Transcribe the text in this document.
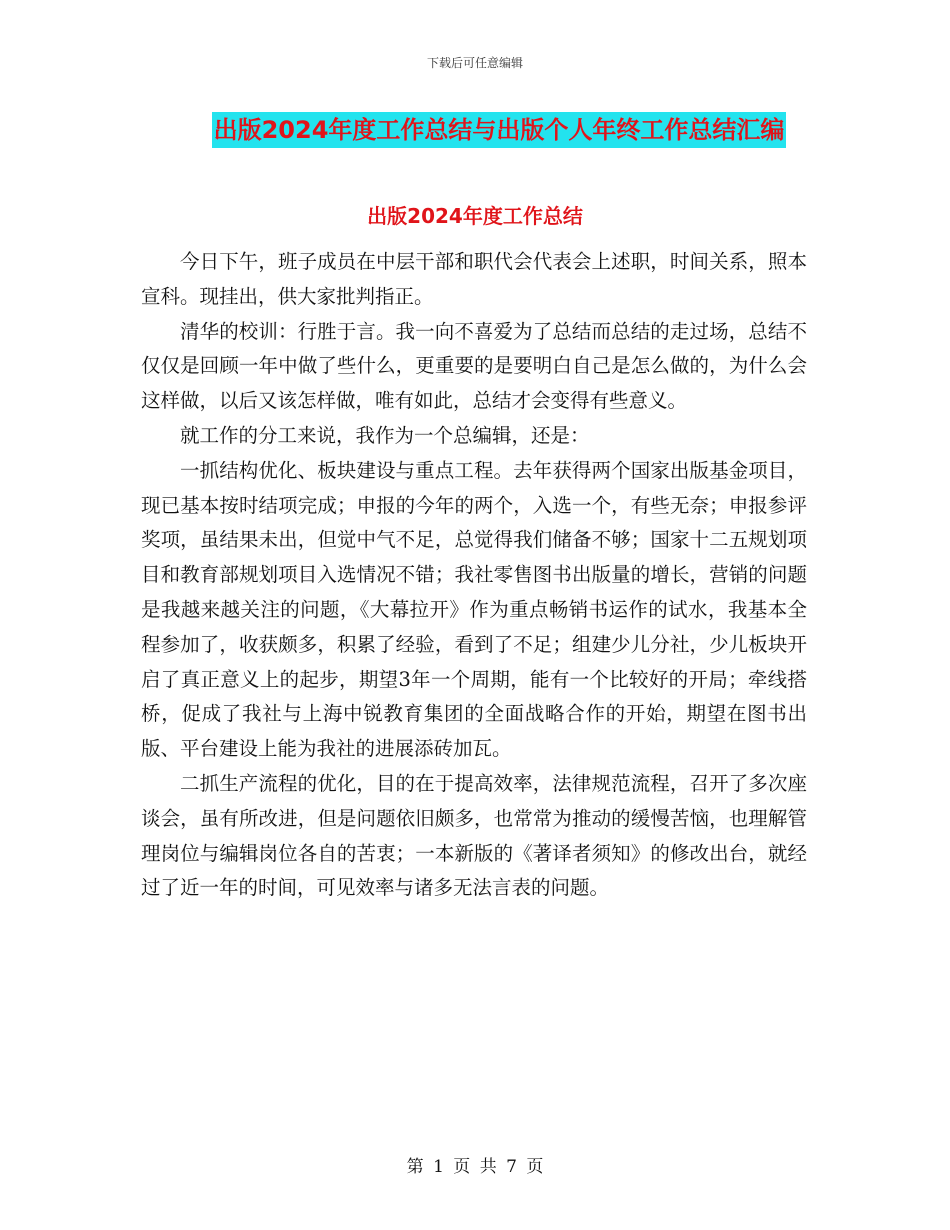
下载后可任意编辑
出版2024年度工作总结与出版个人年终工作总结汇编
出版2024年度工作总结

今日下午，班子成员在中层干部和职代会代表会上述职，时间关系，照本宣科。现挂出，供大家批判指正。

清华的校训：行胜于言。我一向不喜爱为了总结而总结的走过场，总结不仅仅是回顾一年中做了些什么，更重要的是要明白自己是怎么做的，为什么会这样做，以后又该怎样做，唯有如此，总结才会变得有些意义。

就工作的分工来说，我作为一个总编辑，还是：

一抓结构优化、板块建设与重点工程。去年获得两个国家出版基金项目，现已基本按时结项完成；申报的今年的两个，入选一个，有些无奈；申报参评奖项，虽结果未出，但觉中气不足，总觉得我们储备不够；国家十二五规划项目和教育部规划项目入选情况不错；我社零售图书出版量的增长，营销的问题是我越来越关注的问题，《大幕拉开》作为重点畅销书运作的试水，我基本全程参加了，收获颇多，积累了经验，看到了不足；组建少儿分社，少儿板块开启了真正意义上的起步，期望3年一个周期，能有一个比较好的开局；牵线搭桥，促成了我社与上海中锐教育集团的全面战略合作的开始，期望在图书出版、平台建设上能为我社的进展添砖加瓦。

二抓生产流程的优化，目的在于提高效率，法律规范流程，召开了多次座谈会，虽有所改进，但是问题依旧颇多，也常常为推动的缓慢苦恼，也理解管理岗位与编辑岗位各自的苦衷；一本新版的《著译者须知》的修改出台，就经过了近一年的时间，可见效率与诸多无法言表的问题。

第 1 页 共 7 页
